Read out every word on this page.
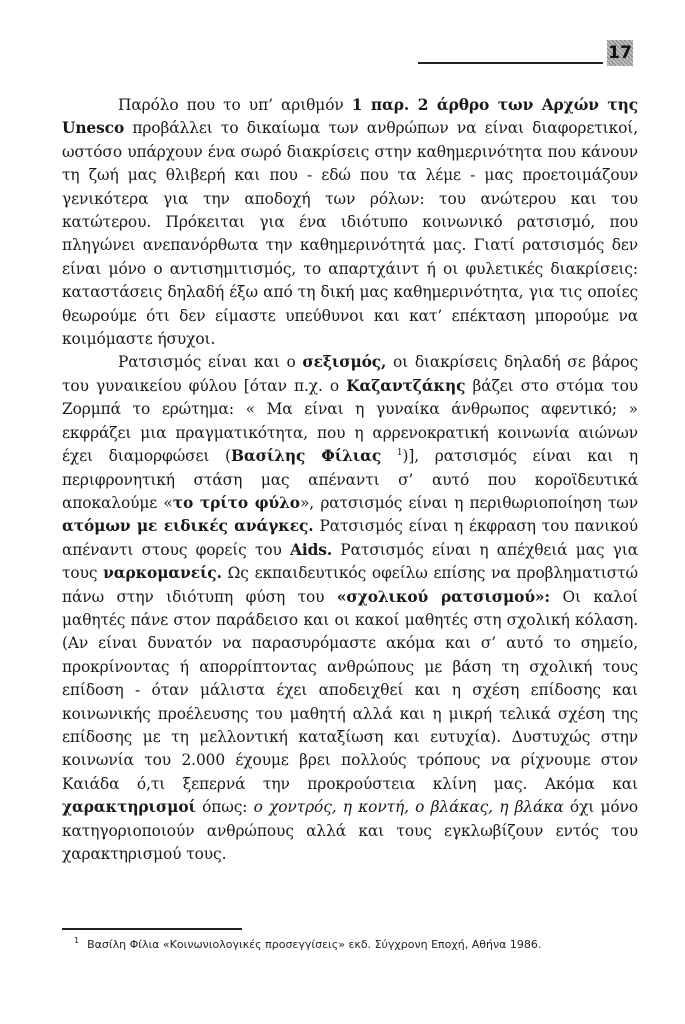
17

Παρόλο που το υπ’ αριθμόν 1 παρ. 2 άρθρο των Αρχών της Unesco προβάλλει το δικαίωμα των ανθρώπων να είναι διαφορετικοί, ωστόσο υπάρχουν ένα σωρό διακρίσεις στην καθημερινότητα που κάνουν τη ζωή μας θλιβερή και που - εδώ που τα λέμε - μας προετοιμάζουν γενικότερα για την αποδοχή των ρόλων: του ανώτερου και του κατώτερου. Πρόκειται για ένα ιδιότυπο κοινωνικό ρατσισμό, που πληγώνει ανεπανόρθωτα την καθημερινότητά μας. Γιατί ρατσισμός δεν είναι μόνο ο αντισημιτισμός, το απαρτχάιντ ή οι φυλετικές διακρίσεις: καταστάσεις δηλαδή έξω από τη δική μας καθημερινότητα, για τις οποίες θεωρούμε ότι δεν είμαστε υπεύθυνοι και κατ’ επέκταση μπορούμε να κοιμόμαστε ήσυχοι.

Ρατσισμός είναι και ο σεξισμός, οι διακρίσεις δηλαδή σε βάρος του γυναικείου φύλου [όταν π.χ. ο Καζαντζάκης βάζει στο στόμα του Ζορμπά το ερώτημα: « Μα είναι η γυναίκα άνθρωπος αφεντικό; » εκφράζει μια πραγματικότητα, που η αρρενοκρατική κοινωνία αιώνων έχει διαμορφώσει (Βασίλης Φίλιας $^1$)], ρατσισμός είναι και η περιφρονητική στάση μας απέναντι σ’ αυτό που κοροϊδευτικά αποκαλούμε «το τρίτο φύλο», ρατσισμός είναι η περιθωριοποίηση των ατόμων με ειδικές ανάγκες. Ρατσισμός είναι η έκφραση του πανικού απέναντι στους φορείς του Aids. Ρατσισμός είναι η απέχθειά μας για τους ναρκομανείς. Ως εκπαιδευτικός οφείλω επίσης να προβληματιστώ πάνω στην ιδιότυπη φύση του «σχολικού ρατσισμού»: Οι καλοί μαθητές πάνε στον παράδεισο και οι κακοί μαθητές στη σχολική κόλαση. (Αν είναι δυνατόν να παρασυρόμαστε ακόμα και σ’ αυτό το σημείο, προκρίνοντας ή απορρίπτοντας ανθρώπους με βάση τη σχολική τους επίδοση - όταν μάλιστα έχει αποδειχθεί και η σχέση επίδοσης και κοινωνικής προέλευσης του μαθητή αλλά και η μικρή τελικά σχέση της επίδοσης με τη μελλοντική καταξίωση και ευτυχία). Δυστυχώς στην κοινωνία του 2.000 έχουμε βρει πολλούς τρόπους να ρίχνουμε στον Καιάδα ό,τι ξεπερνά την προκρούστεια κλίνη μας. Ακόμα και χαρακτηρισμοί όπως: ο χοντρός, η κοντή, ο βλάκας, η βλάκα όχι μόνο κατηγοριοποιούν ανθρώπους αλλά και τους εγκλωβίζουν εντός του χαρακτηρισμού τους.

$^1$ Βασίλη Φίλια «Κοινωνιολογικές προσεγγίσεις» εκδ. Σύγχρονη Εποχή, Αθήνα 1986.
